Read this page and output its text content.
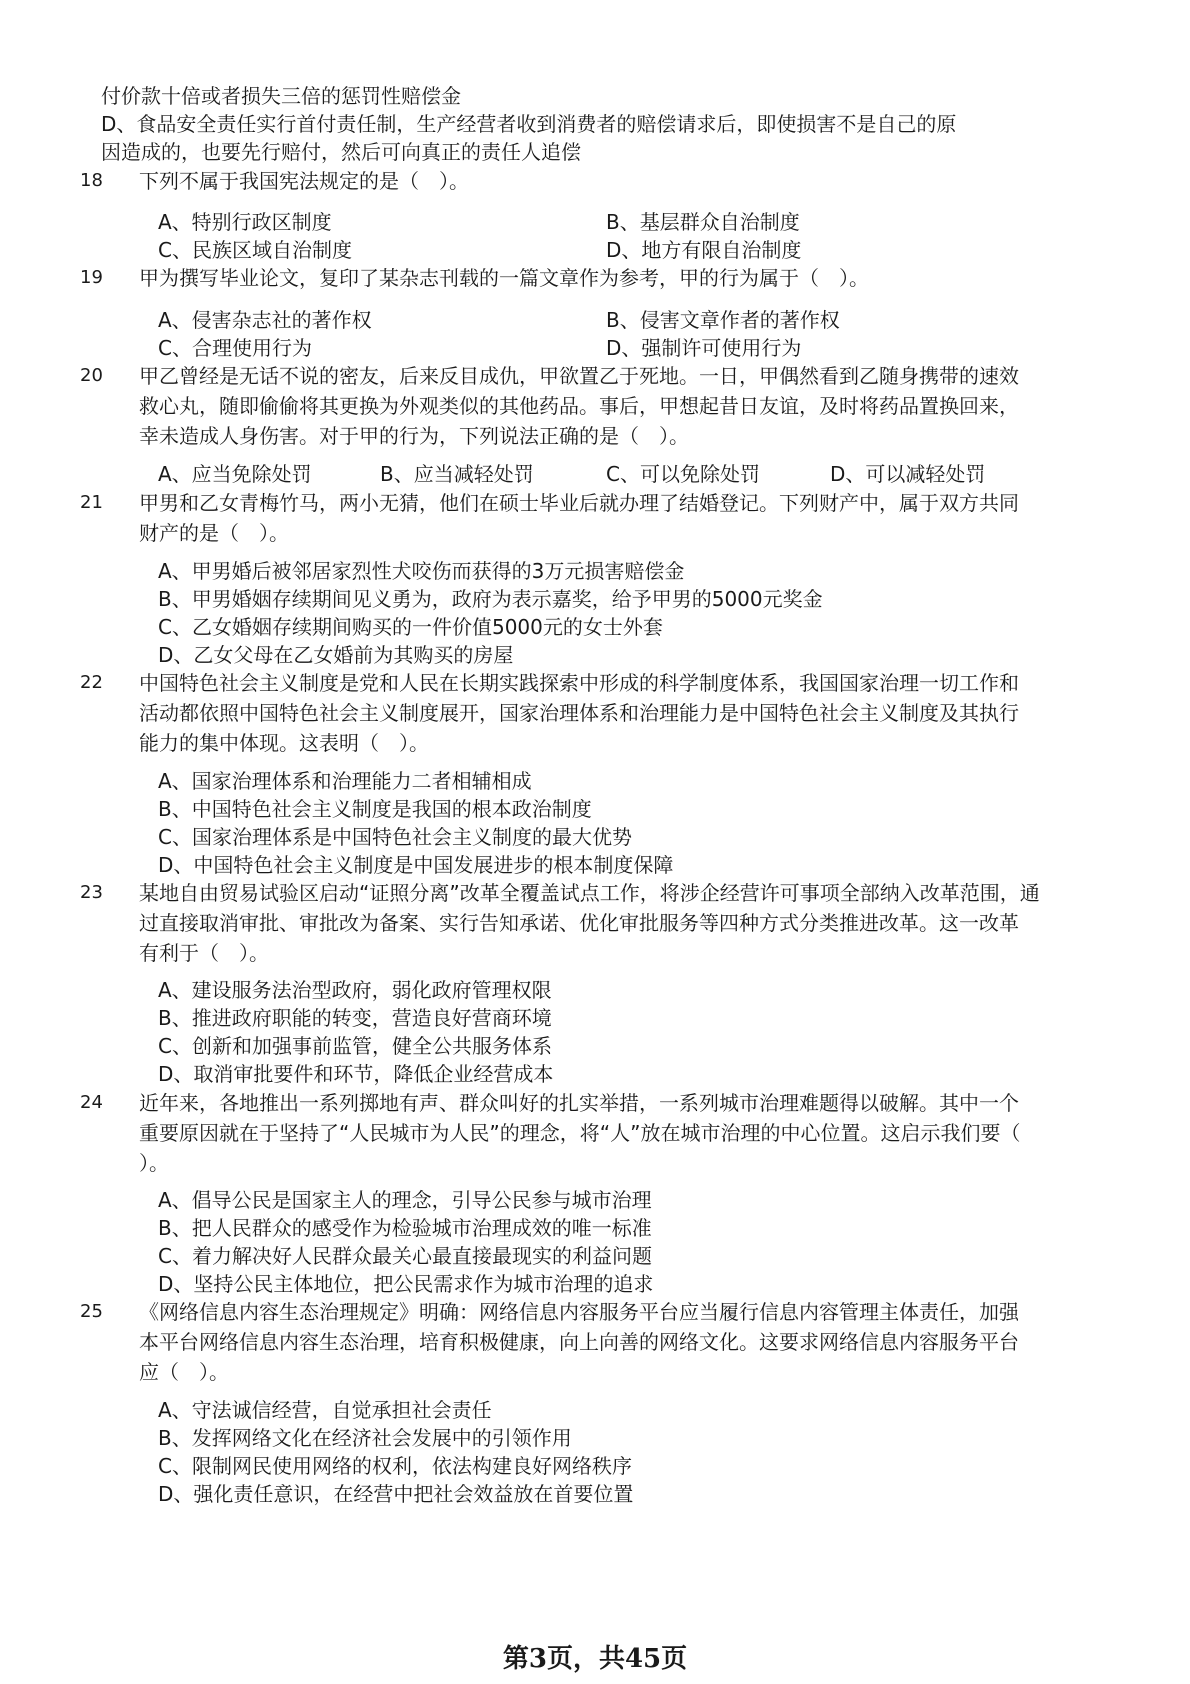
付价款十倍或者损失三倍的惩罚性赔偿金
D、食品安全责任实行首付责任制，生产经营者收到消费者的赔偿请求后，即使损害不是自己的原
因造成的，也要先行赔付，然后可向真正的责任人追偿
18 下列不属于我国宪法规定的是（　）。
A、特别行政区制度	B、基层群众自治制度
C、民族区域自治制度	D、地方有限自治制度
19 甲为撰写毕业论文，复印了某杂志刊载的一篇文章作为参考，甲的行为属于（　）。
A、侵害杂志社的著作权	B、侵害文章作者的著作权
C、合理使用行为	D、强制许可使用行为
20 甲乙曾经是无话不说的密友，后来反目成仇，甲欲置乙于死地。一日，甲偶然看到乙随身携带的速效
救心丸，随即偷偷将其更换为外观类似的其他药品。事后，甲想起昔日友谊，及时将药品置换回来，
幸未造成人身伤害。对于甲的行为，下列说法正确的是（　）。
A、应当免除处罚	B、应当减轻处罚	C、可以免除处罚	D、可以减轻处罚
21 甲男和乙女青梅竹马，两小无猜，他们在硕士毕业后就办理了结婚登记。下列财产中，属于双方共同
财产的是（　）。
A、甲男婚后被邻居家烈性犬咬伤而获得的3万元损害赔偿金
B、甲男婚姻存续期间见义勇为，政府为表示嘉奖，给予甲男的5000元奖金
C、乙女婚姻存续期间购买的一件价值5000元的女士外套
D、乙女父母在乙女婚前为其购买的房屋
22 中国特色社会主义制度是党和人民在长期实践探索中形成的科学制度体系，我国国家治理一切工作和
活动都依照中国特色社会主义制度展开，国家治理体系和治理能力是中国特色社会主义制度及其执行
能力的集中体现。这表明（　）。
A、国家治理体系和治理能力二者相辅相成
B、中国特色社会主义制度是我国的根本政治制度
C、国家治理体系是中国特色社会主义制度的最大优势
D、中国特色社会主义制度是中国发展进步的根本制度保障
23 某地自由贸易试验区启动“证照分离”改革全覆盖试点工作，将涉企经营许可事项全部纳入改革范围，通
过直接取消审批、审批改为备案、实行告知承诺、优化审批服务等四种方式分类推进改革。这一改革
有利于（　）。
A、建设服务法治型政府，弱化政府管理权限
B、推进政府职能的转变，营造良好营商环境
C、创新和加强事前监管，健全公共服务体系
D、取消审批要件和环节，降低企业经营成本
24 近年来，各地推出一系列掷地有声、群众叫好的扎实举措，一系列城市治理难题得以破解。其中一个
重要原因就在于坚持了“人民城市为人民”的理念，将“人”放在城市治理的中心位置。这启示我们要（
）。
A、倡导公民是国家主人的理念，引导公民参与城市治理
B、把人民群众的感受作为检验城市治理成效的唯一标准
C、着力解决好人民群众最关心最直接最现实的利益问题
D、坚持公民主体地位，把公民需求作为城市治理的追求
25 《网络信息内容生态治理规定》明确：网络信息内容服务平台应当履行信息内容管理主体责任，加强
本平台网络信息内容生态治理，培育积极健康，向上向善的网络文化。这要求网络信息内容服务平台
应（　）。
A、守法诚信经营，自觉承担社会责任
B、发挥网络文化在经济社会发展中的引领作用
C、限制网民使用网络的权利，依法构建良好网络秩序
D、强化责任意识，在经营中把社会效益放在首要位置
第3页，共45页
